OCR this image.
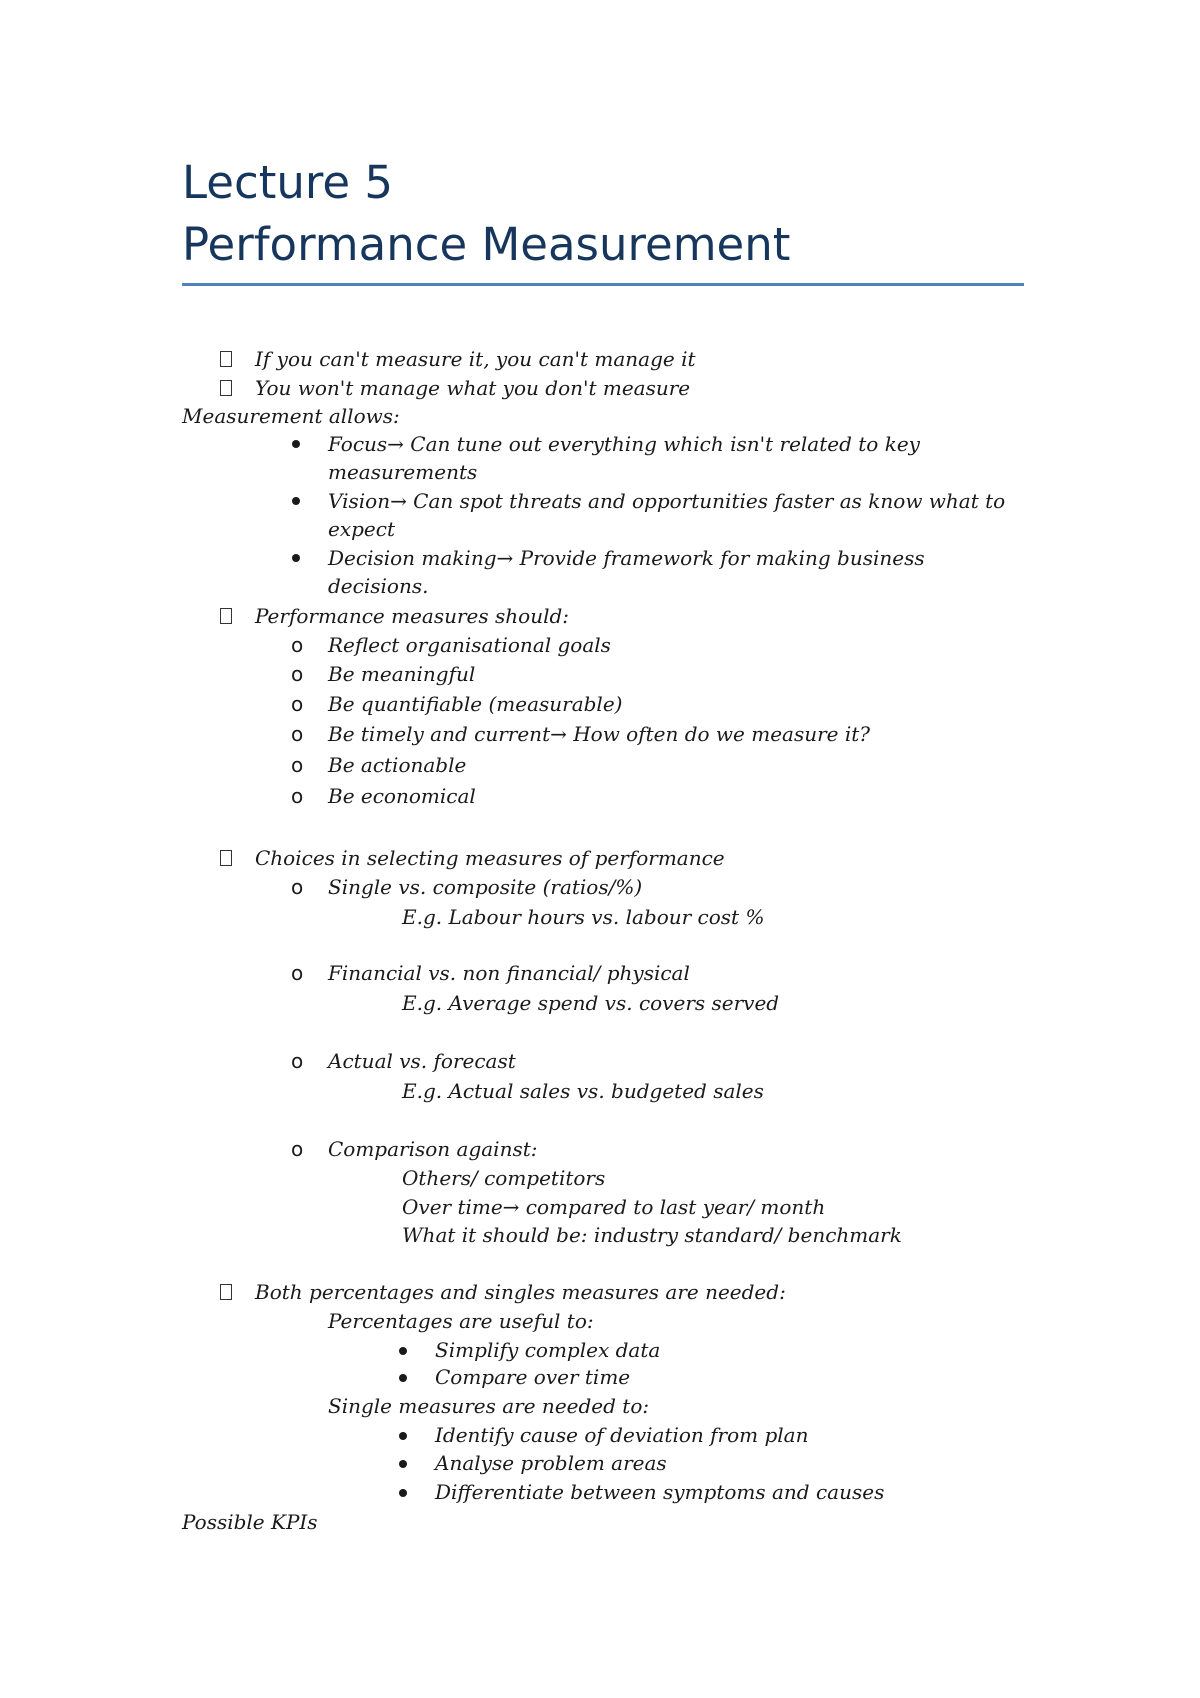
Lecture 5
Performance Measurement
If you can't measure it, you can't manage it
You won't manage what you don't measure
Measurement allows:
Focus→ Can tune out everything which isn't related to key
measurements
Vision→ Can spot threats and opportunities faster as know what to
expect
Decision making→ Provide framework for making business
decisions.
Performance measures should:
o Reflect organisational goals
o Be meaningful
o Be quantifiable (measurable)
o Be timely and current→ How often do we measure it?
o Be actionable
o Be economical
Choices in selecting measures of performance
o Single vs. composite (ratios/%)
E.g. Labour hours vs. labour cost %
o Financial vs. non financial/ physical
E.g. Average spend vs. covers served
o Actual vs. forecast
E.g. Actual sales vs. budgeted sales
o Comparison against:
Others/ competitors
Over time→ compared to last year/ month
What it should be: industry standard/ benchmark
Both percentages and singles measures are needed:
Percentages are useful to:
Simplify complex data
Compare over time
Single measures are needed to:
Identify cause of deviation from plan
Analyse problem areas
Differentiate between symptoms and causes
Possible KPIs
